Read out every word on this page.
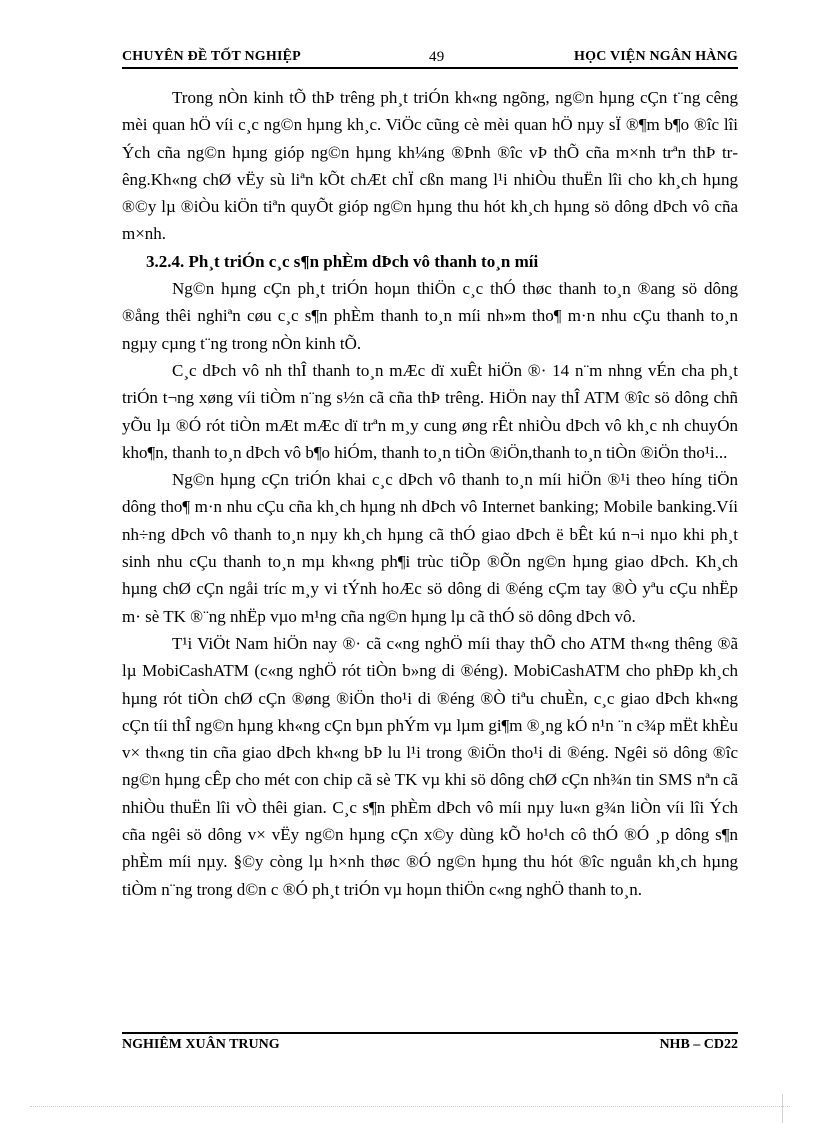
CHUYÊN ĐỀ TỐT NGHIỆP	49	HỌC VIỆN NGÂN HÀNG

Trong nÒn kinh tÕ thÞ trêng ph¸t triÓn kh«ng ngõng, ng©n hµng cÇn t¨ng cêng mèi quan hÖ víi c¸c ng©n hµng kh¸c. ViÖc cũng cè mèi quan hÖ nµy sÏ ®¶m b¶o ®îc lîi Ých cña ng©n hµng gióp ng©n hµng kh¼ng ®Þnh ®îc vÞ thÕ cña m×nh trªn thÞ trêng.Kh«ng chØ vËy sù liªn kÕt chÆt chÏ cßn mang l¹i nhiÒu thuËn lîi cho kh¸ch hµng ®©y lµ ®iÒu kiÖn tiªn quyÕt gióp ng©n hµng thu hót kh¸ch hµng sö dông dÞch vô cña m×nh.

3.2.4. Ph¸t triÓn c¸c s¶n phÈm dÞch vô thanh to¸n míi

Ng©n hµng cÇn ph¸t triÓn hoµn thiÖn c¸c thÓ thøc thanh to¸n ®ang sö dông ®ång thêi nghiªn cøu c¸c s¶n phÈm thanh to¸n míi nh»m tho¶ m·n nhu cÇu thanh to¸n ngµy cµng t¨ng trong nÒn kinh tÕ.

C¸c dÞch vô nh thÎ thanh to¸n mÆc dï xuÊt hiÖn ®· 14 n¨m nhng vÉn cha ph¸t triÓn t¬ng xøng víi tiÒm n¨ng s½n cã cña thÞ trêng. HiÖn nay thÎ ATM ®îc sö dông chñ yÕu lµ ®Ó rót tiÒn mÆt mÆc dï trªn m¸y cung øng rÊt nhiÒu dÞch vô kh¸c nh chuyÓn kho¶n, thanh to¸n dÞch vô b¶o hiÓm, thanh to¸n tiÒn ®iÖn,thanh to¸n tiÒn ®iÖn tho¹i...

Ng©n hµng cÇn triÓn khai c¸c dÞch vô thanh to¸n míi hiÖn ®¹i theo híng tiÖn dông tho¶ m·n nhu cÇu cña kh¸ch hµng nh dÞch vô Internet banking; Mobile banking.Víi nh÷ng dÞch vô thanh to¸n nµy kh¸ch hµng cã thÓ giao dÞch ë bÊt kú n¬i nµo khi ph¸t sinh nhu cÇu thanh to¸n mµ kh«ng ph¶i trùc tiÕp ®Õn ng©n hµng giao dÞch. Kh¸ch hµng chØ cÇn ngåi tríc m¸y vi tÝnh hoÆc sö dông di ®éng cÇm tay ®Ò yªu cÇu nhËp m· sè TK ®¨ng nhËp vµo m¹ng cña ng©n hµng lµ cã thÓ sö dông dÞch vô.

T¹i ViÖt Nam hiÖn nay ®· cã c«ng nghÖ míi thay thÕ cho ATM th«ng thêng ®ã lµ MobiCashATM (c«ng nghÖ rót tiÒn b»ng di ®éng). MobiCashATM cho phÐp kh¸ch hµng rót tiÒn chØ cÇn ®øng ®iÖn tho¹i di ®éng ®Ò tiªu chuÈn, c¸c giao dÞch kh«ng cÇn tíi thÎ ng©n hµng kh«ng cÇn bµn phÝm vµ lµm gi¶m ®¸ng kÓ n¹n ¨n c¾p mËt khÈu v× th«ng tin cña giao dÞch kh«ng bÞ lu l¹i trong ®iÖn tho¹i di ®éng. Ngêi sö dông ®îc ng©n hµng cÊp cho mét con chip cã sè TK vµ khi sö dông chØ cÇn nh¾n tin SMS nªn cã nhiÒu thuËn lîi vÒ thêi gian. C¸c s¶n phÈm dÞch vô míi nµy lu«n g¾n liÒn víi lîi Ých cña ngêi sö dông v× vËy ng©n hµng cÇn x©y dùng kÕ ho¹ch cô thÓ ®Ó ¸p dông s¶n phÈm míi nµy. §©y còng lµ h×nh thøc ®Ó ng©n hµng thu hót ®îc nguån kh¸ch hµng tiÒm n¨ng trong d©n c ®Ó ph¸t triÓn vµ hoµn thiÖn c«ng nghÖ thanh to¸n.

NGHIÊM XUÂN TRUNG	NHB – CD22
